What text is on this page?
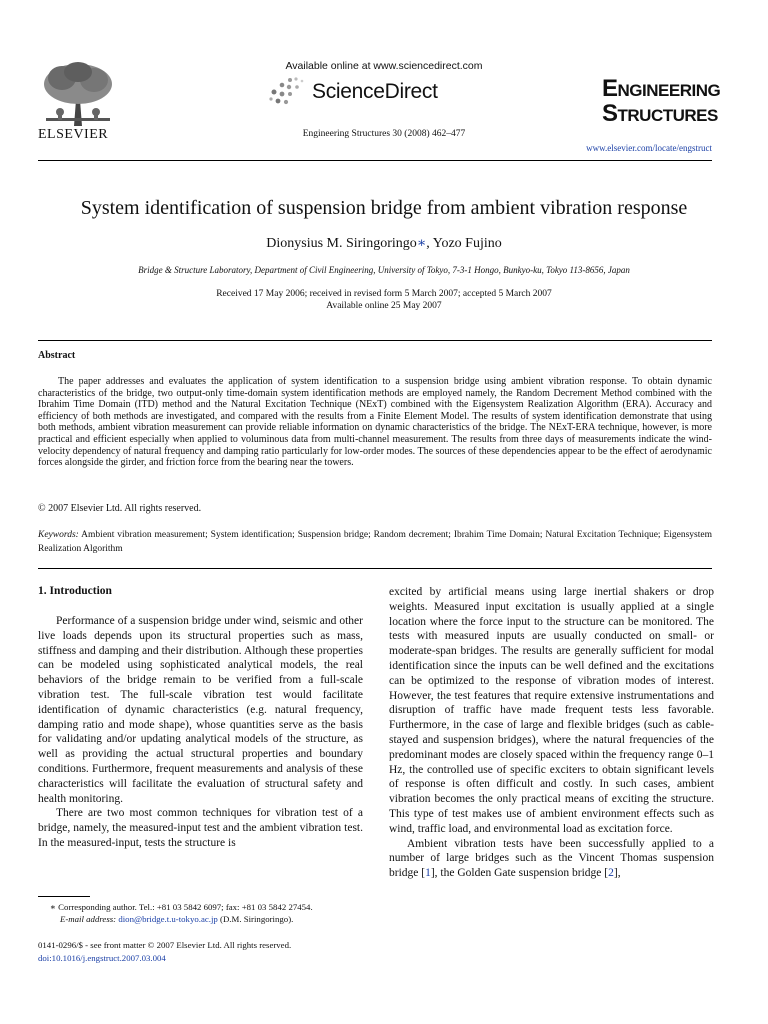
ELSEVIER
Available online at www.sciencedirect.com
ScienceDirect
Engineering Structures 30 (2008) 462–477
ENGINEERING
STRUCTURES
www.elsevier.com/locate/engstruct
System identification of suspension bridge from ambient vibration response
Dionysius M. Siringoringo∗, Yozo Fujino
Bridge & Structure Laboratory, Department of Civil Engineering, University of Tokyo, 7-3-1 Hongo, Bunkyo-ku, Tokyo 113-8656, Japan
Received 17 May 2006; received in revised form 5 March 2007; accepted 5 March 2007
Available online 25 May 2007
Abstract

The paper addresses and evaluates the application of system identification to a suspension bridge using ambient vibration response. To obtain dynamic characteristics of the bridge, two output-only time-domain system identification methods are employed namely, the Random Decrement Method combined with the Ibrahim Time Domain (ITD) method and the Natural Excitation Technique (NExT) combined with the Eigensystem Realization Algorithm (ERA). Accuracy and efficiency of both methods are investigated, and compared with the results from a Finite Element Model. The results of system identification demonstrate that using both methods, ambient vibration measurement can provide reliable information on dynamic characteristics of the bridge. The NExT-ERA technique, however, is more practical and efficient especially when applied to voluminous data from multi-channel measurement. The results from three days of measurements indicate the wind-velocity dependency of natural frequency and damping ratio particularly for low-order modes. The sources of these dependencies appear to be the effect of aerodynamic forces alongside the girder, and friction force from the bearing near the towers.

© 2007 Elsevier Ltd. All rights reserved.

Keywords: Ambient vibration measurement; System identification; Suspension bridge; Random decrement; Ibrahim Time Domain; Natural Excitation Technique; Eigensystem Realization Algorithm

1. Introduction

Performance of a suspension bridge under wind, seismic and other live loads depends upon its structural properties such as mass, stiffness and damping and their distribution. Although these properties can be modeled using sophisticated analytical models, the real behaviors of the bridge remain to be verified from a full-scale vibration test. The full-scale vibration test would facilitate identification of dynamic characteristics (e.g. natural frequency, damping ratio and mode shape), whose quantities serve as the basis for validating and/or updating analytical models of the structure, as well as providing the actual structural properties and boundary conditions. Furthermore, frequent measurements and analysis of these characteristics will facilitate the evaluation of structural safety and health monitoring.

There are two most common techniques for vibration test of a bridge, namely, the measured-input test and the ambient vibration test. In the measured-input, tests the structure is

excited by artificial means using large inertial shakers or drop weights. Measured input excitation is usually applied at a single location where the force input to the structure can be monitored. The tests with measured inputs are usually conducted on small- or moderate-span bridges. The results are generally sufficient for modal identification since the inputs can be well defined and the excitations can be optimized to the response of vibration modes of interest. However, the test features that require extensive instrumentations and disruption of traffic have made frequent tests less favorable. Furthermore, in the case of large and flexible bridges (such as cable-stayed and suspension bridges), where the natural frequencies of the predominant modes are closely spaced within the frequency range 0–1 Hz, the controlled use of specific exciters to obtain significant levels of response is often difficult and costly. In such cases, ambient vibration becomes the only practical means of exciting the structure. This type of test makes use of ambient environment effects such as wind, traffic load, and environmental load as excitation force.

Ambient vibration tests have been successfully applied to a number of large bridges such as the Vincent Thomas suspension bridge [1], the Golden Gate suspension bridge [2],

∗ Corresponding author. Tel.: +81 03 5842 6097; fax: +81 03 5842 27454.
E-mail address: dion@bridge.t.u-tokyo.ac.jp (D.M. Siringoringo).
0141-0296/$ - see front matter © 2007 Elsevier Ltd. All rights reserved.
doi:10.1016/j.engstruct.2007.03.004
